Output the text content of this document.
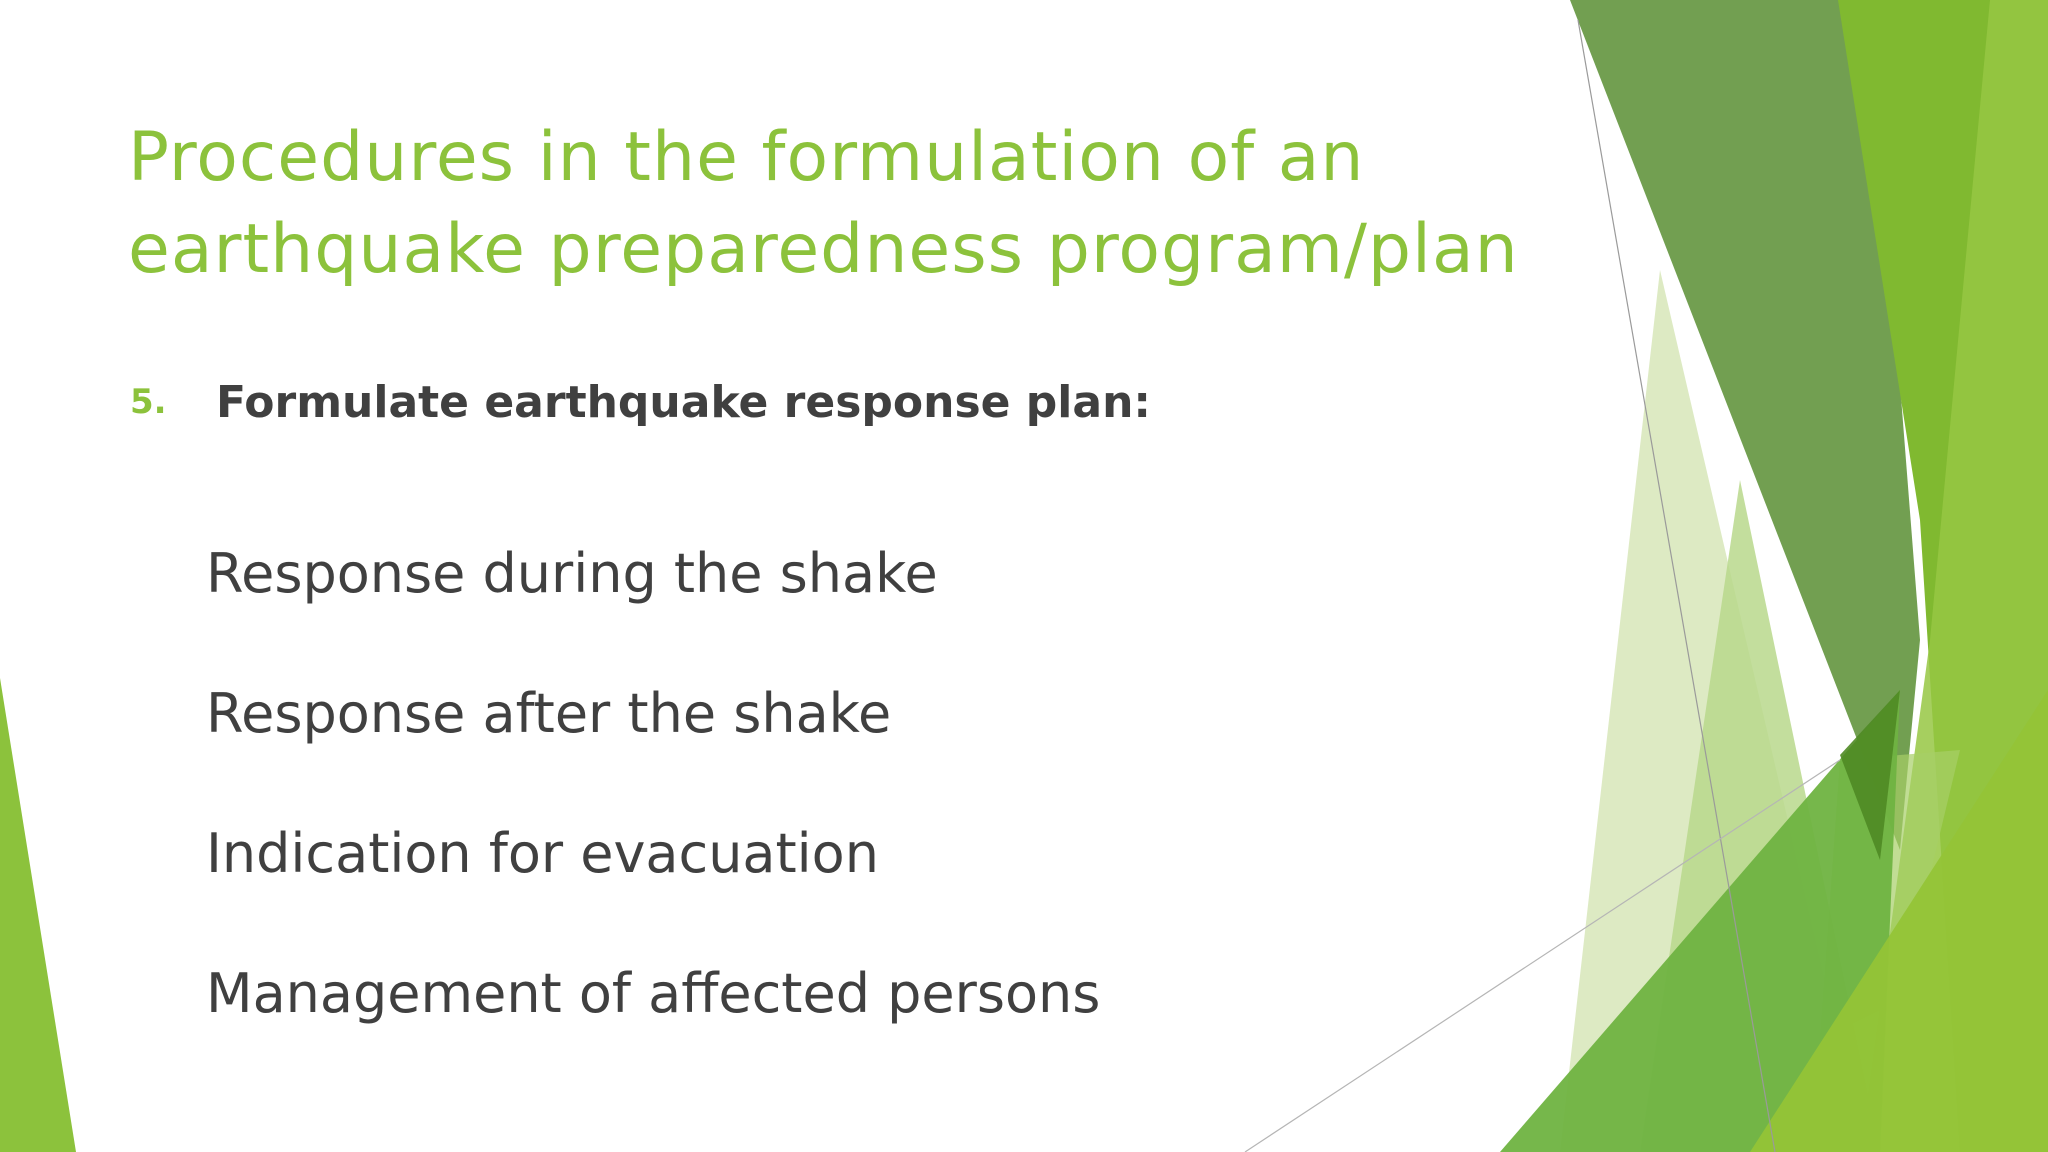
Procedures in the formulation of an
earthquake preparedness program/plan
5.	Formulate earthquake response plan:
Response during the shake
Response after the shake
Indication for evacuation
Management of affected persons
